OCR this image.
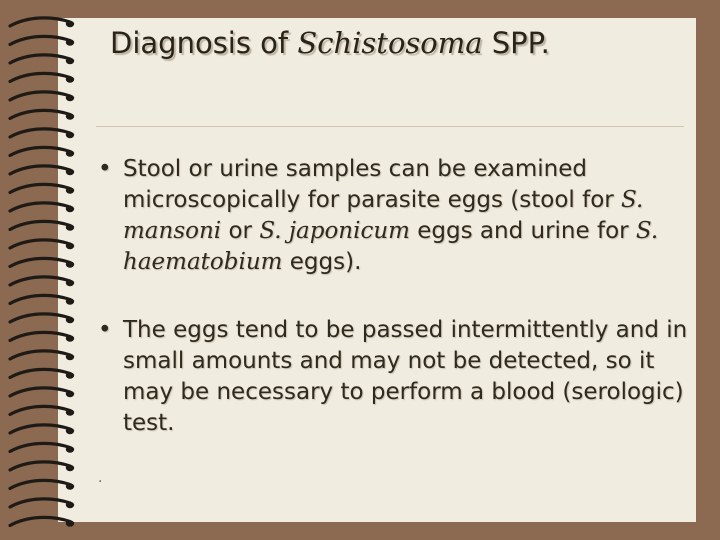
Diagnosis of Schistosoma SPP.
• Stool or urine samples can be examined microscopically for parasite eggs (stool for S. mansoni or S. japonicum eggs and urine for S. haematobium eggs).
• The eggs tend to be passed intermittently and in small amounts and may not be detected, so it may be necessary to perform a blood (serologic) test.
.
